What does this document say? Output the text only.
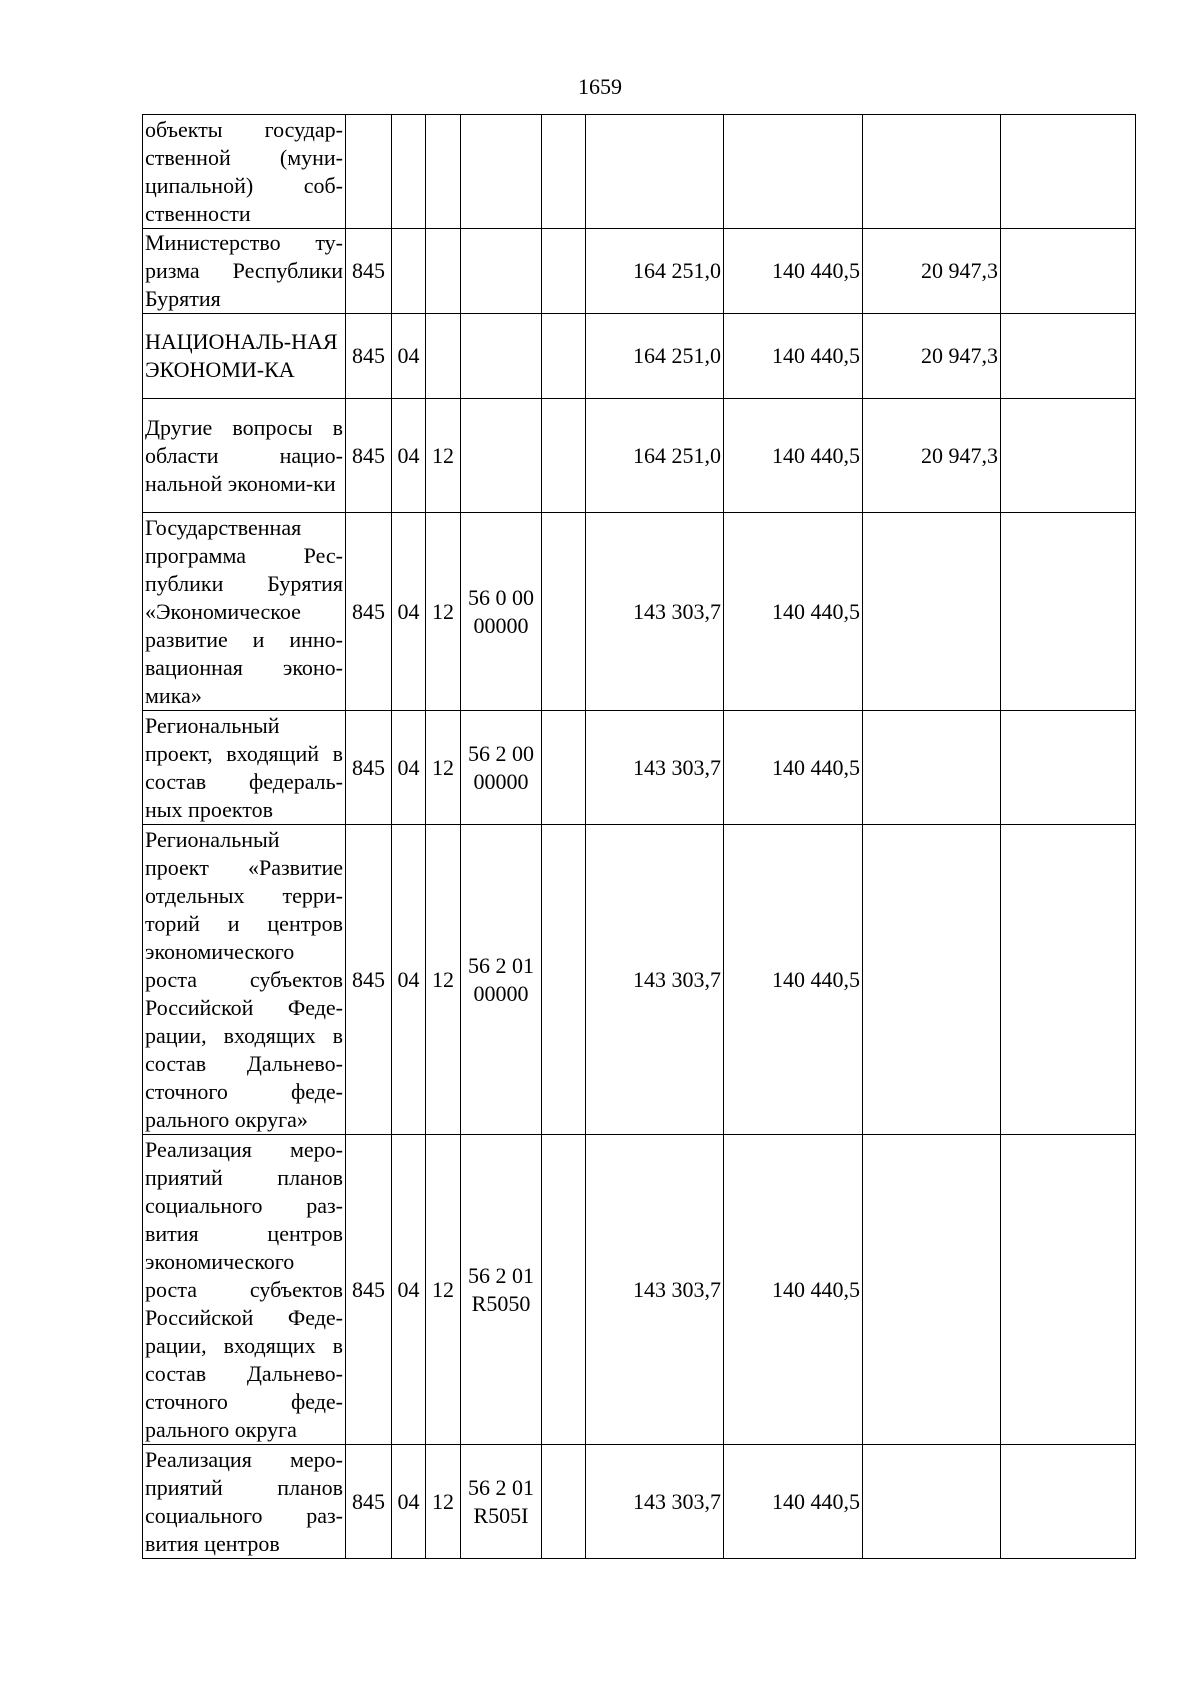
1659
объекты государ-ственной (муни-ципальной) соб-ственности									
Министерство ту-ризма Республики Бурятия	845					164 251,0	140 440,5	20 947,3	
НАЦИОНАЛЬ-НАЯ ЭКОНОМИ-КА	845	04				164 251,0	140 440,5	20 947,3	
Другие вопросы в области нацио-нальной экономи-ки	845	04	12			164 251,0	140 440,5	20 947,3	
Государственная программа Рес-публики Бурятия «Экономическое развитие и инно-вационная эконо-мика»	845	04	12	56 0 00 00000		143 303,7	140 440,5		
Региональный проект, входящий в состав федераль-ных проектов	845	04	12	56 2 00 00000		143 303,7	140 440,5		
Региональный проект «Развитие отдельных терри-торий и центров экономического роста субъектов Российской Феде-рации, входящих в состав Дальнево-сточного феде-рального округа»	845	04	12	56 2 01 00000		143 303,7	140 440,5		
Реализация меро-приятий планов социального раз-вития центров экономического роста субъектов Российской Феде-рации, входящих в состав Дальнево-сточного феде-рального округа	845	04	12	56 2 01 R5050		143 303,7	140 440,5		
Реализация меро-приятий планов социального раз-вития центров	845	04	12	56 2 01 R505I		143 303,7	140 440,5		
